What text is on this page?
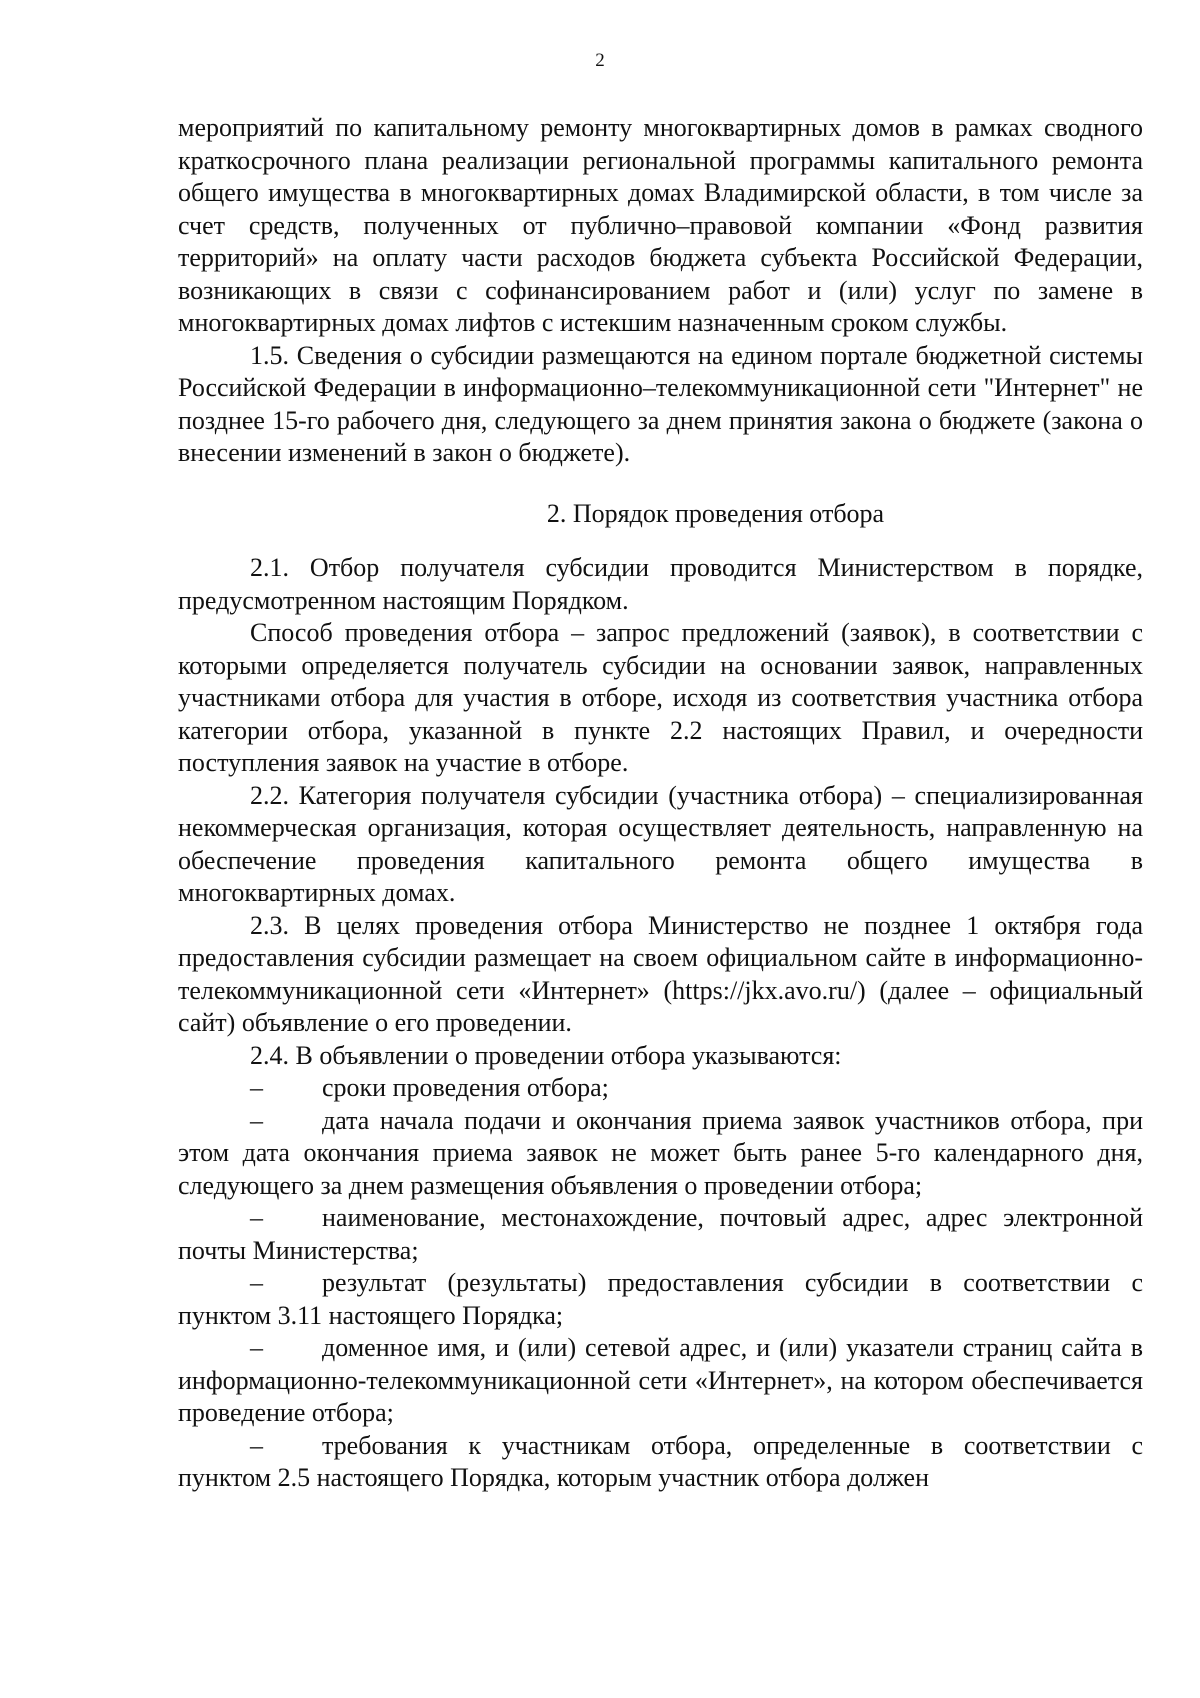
2

мероприятий по капитальному ремонту многоквартирных домов в рамках сводного краткосрочного плана реализации региональной программы капитального ремонта общего имущества в многоквартирных домах Владимирской области, в том числе за счет средств, полученных от публично–правовой компании «Фонд развития территорий» на оплату части расходов бюджета субъекта Российской Федерации, возникающих в связи с софинансированием работ и (или) услуг по замене в многоквартирных домах лифтов с истекшим назначенным сроком службы.

1.5. Сведения о субсидии размещаются на едином портале бюджетной системы Российской Федерации в информационно–телекоммуникационной сети "Интернет" не позднее 15-го рабочего дня, следующего за днем принятия закона о бюджете (закона о внесении изменений в закон о бюджете).

2. Порядок проведения отбора

2.1. Отбор получателя субсидии проводится Министерством в порядке, предусмотренном настоящим Порядком.

Способ проведения отбора – запрос предложений (заявок), в соответствии с которыми определяется получатель субсидии на основании заявок, направленных участниками отбора для участия в отборе, исходя из соответствия участника отбора категории отбора, указанной в пункте 2.2 настоящих Правил, и очередности поступления заявок на участие в отборе.

2.2. Категория получателя субсидии (участника отбора) – специализированная некоммерческая организация, которая осуществляет деятельность, направленную на обеспечение проведения капитального ремонта общего имущества в многоквартирных домах.

2.3. В целях проведения отбора Министерство не позднее 1 октября года предоставления субсидии размещает на своем официальном сайте в информационно-телекоммуникационной сети «Интернет» (https://jkx.avo.ru/) (далее – официальный сайт) объявление о его проведении.

2.4. В объявлении о проведении отбора указываются:

– сроки проведения отбора;

– дата начала подачи и окончания приема заявок участников отбора, при этом дата окончания приема заявок не может быть ранее 5-го календарного дня, следующего за днем размещения объявления о проведении отбора;

– наименование, местонахождение, почтовый адрес, адрес электронной почты Министерства;

– результат (результаты) предоставления субсидии в соответствии с пунктом 3.11 настоящего Порядка;

– доменное имя, и (или) сетевой адрес, и (или) указатели страниц сайта в информационно-телекоммуникационной сети «Интернет», на котором обеспечивается проведение отбора;

– требования к участникам отбора, определенные в соответствии с пунктом 2.5 настоящего Порядка, которым участник отбора должен
